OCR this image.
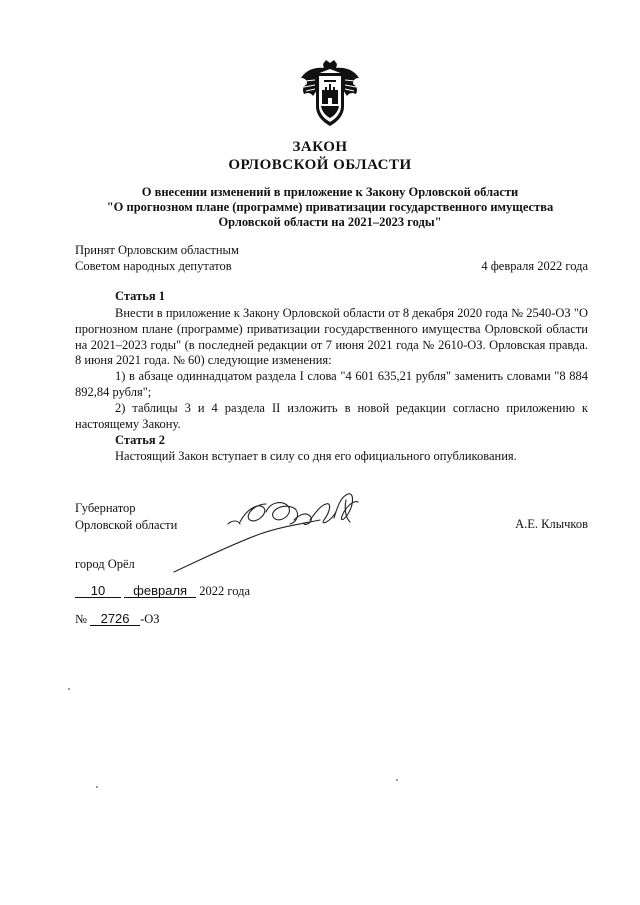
ЗАКОН
ОРЛОВСКОЙ ОБЛАСТИ
О внесении изменений в приложение к Закону Орловской области
"О прогнозном плане (программе) приватизации государственного имущества
Орловской области на 2021–2023 годы"
Принят Орловским областным
Советом народных депутатов	4 февраля 2022 года
Статья 1

Внести в приложение к Закону Орловской области от 8 декабря 2020 года № 2540-ОЗ "О прогнозном плане (программе) приватизации государственного имущества Орловской области на 2021–2023 годы" (в последней редакции от 7 июня 2021 года № 2610-ОЗ. Орловская правда. 8 июня 2021 года. № 60) следующие изменения:

1) в абзаце одиннадцатом раздела I слова "4 601 635,21 рубля" заменить словами "8 884 892,84 рубля";

2) таблицы 3 и 4 раздела II изложить в новой редакции согласно приложению к настоящему Закону.

Статья 2

Настоящий Закон вступает в силу со дня его официального опубликования.

Губернатор
Орловской области	А.Е. Клычков
город Орёл
10 февраля 2022 года
№ 2726 -ОЗ
